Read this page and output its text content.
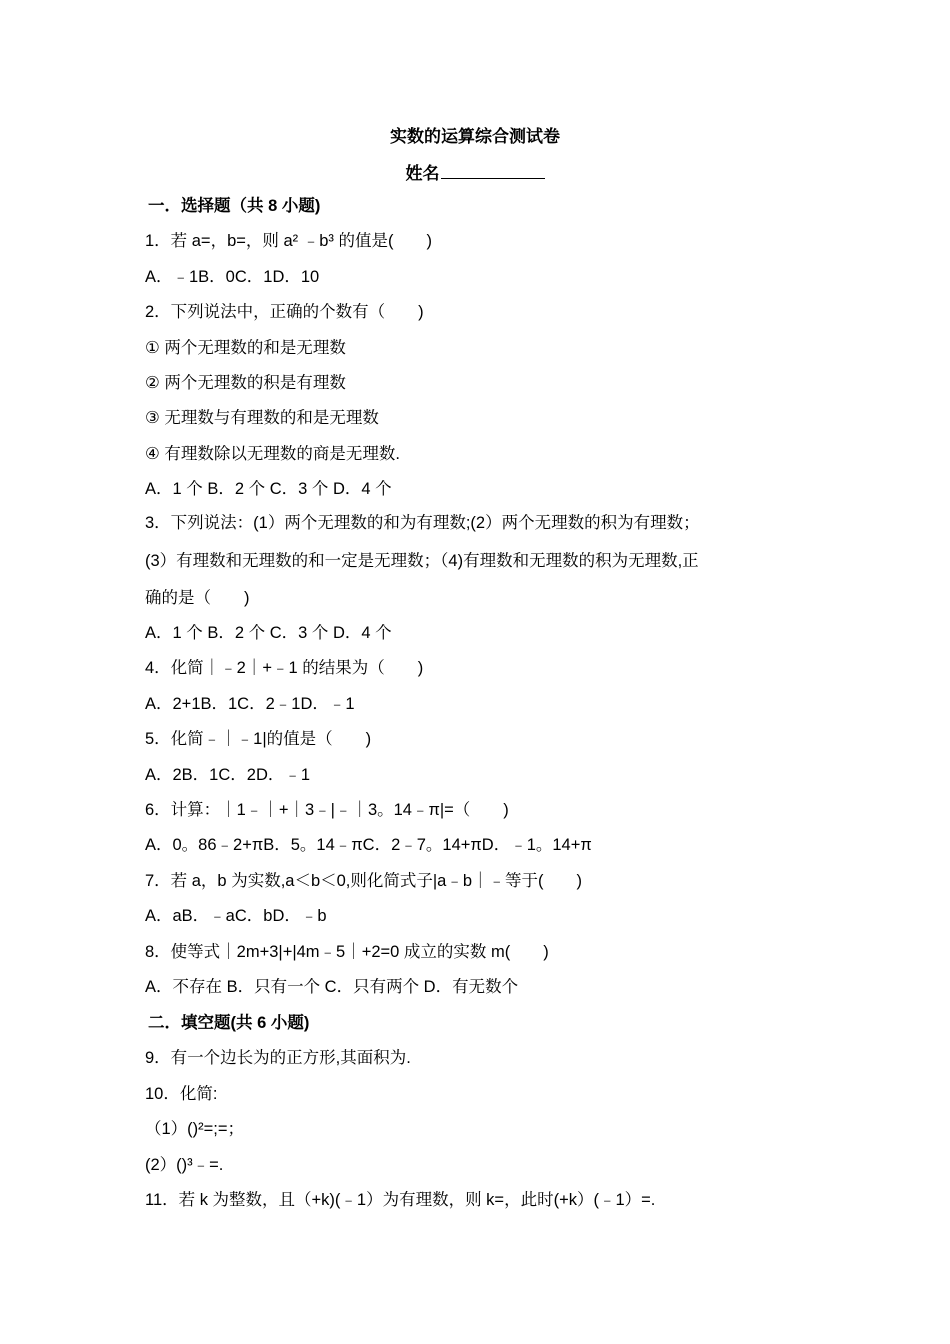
实数的运算综合测试卷
姓名
一．选择题（共 8 小题)
1．若 a=，b=，则 a² ﹣b³ 的值是(　　)
A．﹣1B．0C．1D．10
2．下列说法中，正确的个数有（　　)
① 两个无理数的和是无理数
② 两个无理数的积是有理数
③ 无理数与有理数的和是无理数
④ 有理数除以无理数的商是无理数.
A．1 个 B．2 个 C．3 个 D．4 个
3．下列说法：(1）两个无理数的和为有理数;(2）两个无理数的积为有理数；
(3）有理数和无理数的和一定是无理数；（4)有理数和无理数的积为无理数,正
确的是（　　)
A．1 个 B．2 个 C．3 个 D．4 个
4．化简｜﹣2｜+﹣1 的结果为（　　)
A．2+1B．1C．2﹣1D．﹣1
5．化简﹣｜﹣1|的值是（　　)
A．2B．1C．2D．﹣1
6．计算：｜1﹣｜+｜3﹣|﹣｜3。14﹣π|=（　　)
A．0。86﹣2+πB．5。14﹣πC．2﹣7。14+πD．﹣1。14+π
7．若 a，b 为实数,a＜b＜0,则化简式子|a﹣b｜﹣等于(　　)
A．aB．﹣aC．bD．﹣b
8．使等式｜2m+3|+|4m﹣5｜+2=0 成立的实数 m(　　)
A．不存在 B．只有一个 C．只有两个 D．有无数个
二．填空题(共 6 小题)
9．有一个边长为的正方形,其面积为.
10．化简:
（1）()²=;=；
(2）()³﹣=.
11．若 k 为整数，且（+k)(﹣1）为有理数，则 k=，此时(+k）(﹣1）=.
